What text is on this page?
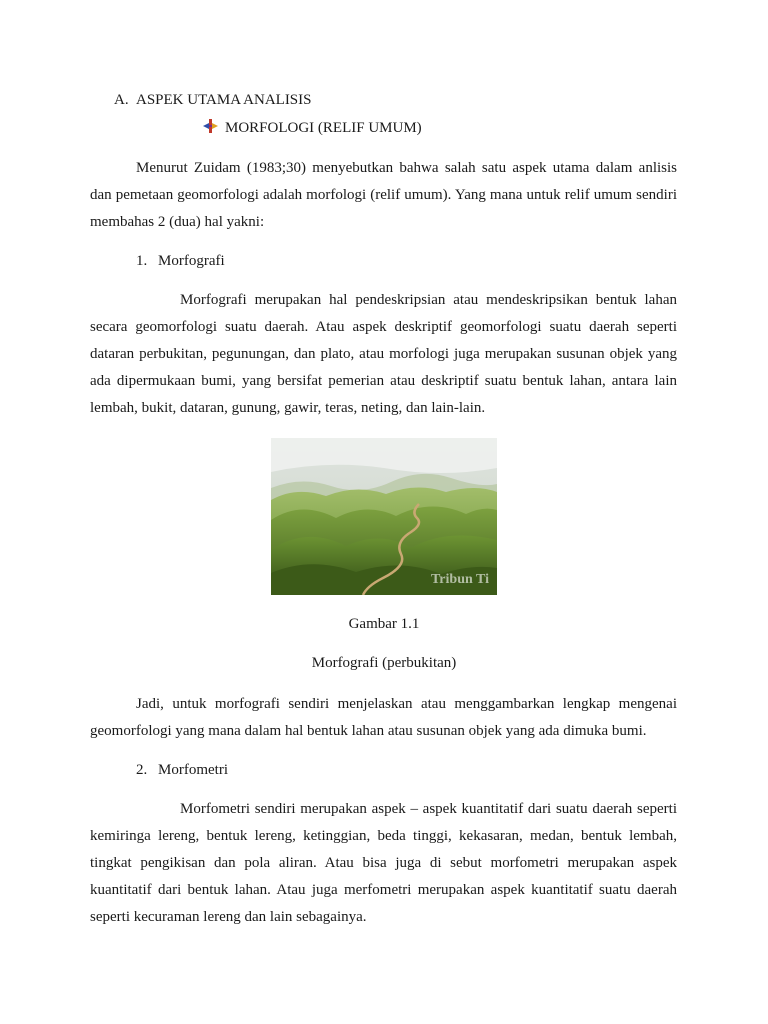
A. ASPEK UTAMA ANALISIS
MORFOLOGI (RELIF UMUM)

Menurut Zuidam (1983;30) menyebutkan bahwa salah satu aspek utama dalam anlisis dan pemetaan geomorfologi adalah morfologi (relif umum). Yang mana untuk relif umum sendiri membahas 2 (dua) hal yakni:

1. Morfografi

Morfografi merupakan hal pendeskripsian atau mendeskripsikan bentuk lahan secara geomorfologi suatu daerah. Atau aspek deskriptif geomorfologi suatu daerah seperti dataran perbukitan, pegunungan, dan plato, atau morfologi juga merupakan susunan objek yang ada dipermukaan bumi, yang bersifat pemerian atau deskriptif suatu bentuk lahan, antara lain lembah, bukit, dataran, gunung, gawir, teras, neting, dan lain-lain.

Tribun Ti
Gambar 1.1
Morfografi (perbukitan)

Jadi, untuk morfografi sendiri menjelaskan atau menggambarkan lengkap mengenai geomorfologi yang mana dalam hal bentuk lahan atau susunan objek yang ada dimuka bumi.

2. Morfometri

Morfometri sendiri merupakan aspek – aspek kuantitatif dari suatu daerah seperti kemiringa lereng, bentuk lereng, ketinggian, beda tinggi, kekasaran, medan, bentuk lembah, tingkat pengikisan dan pola aliran. Atau bisa juga di sebut morfometri merupakan aspek kuantitatif dari bentuk lahan. Atau juga merfometri merupakan aspek kuantitatif suatu daerah seperti kecuraman lereng dan lain sebagainya.
